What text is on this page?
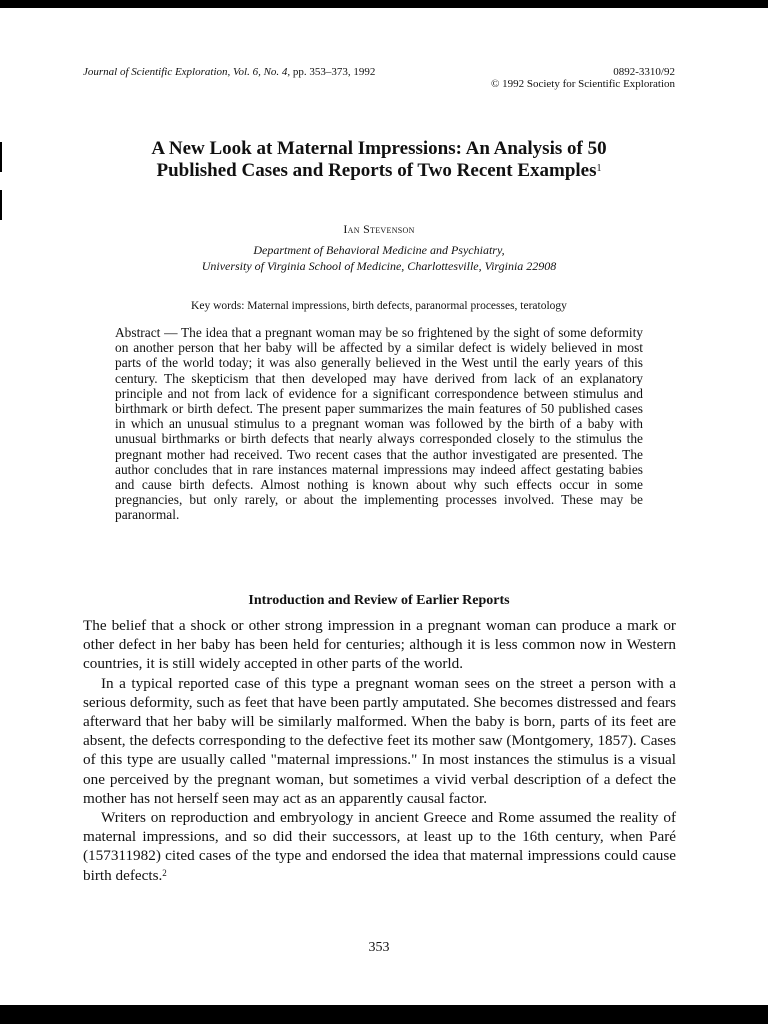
Journal of Scientific Exploration, Vol. 6, No. 4, pp. 353–373, 1992	0892-3310/92
© 1992 Society for Scientific Exploration
A New Look at Maternal Impressions: An Analysis of 50
Published Cases and Reports of Two Recent Examples$^1$
Ian Stevenson
Department of Behavioral Medicine and Psychiatry,
University of Virginia School of Medicine, Charlottesville, Virginia 22908
Key words: Maternal impressions, birth defects, paranormal processes, teratology

Abstract — The idea that a pregnant woman may be so frightened by the sight of some deformity on another person that her baby will be affected by a similar defect is widely believed in most parts of the world today; it was also generally believed in the West until the early years of this century. The skepticism that then developed may have derived from lack of an explanatory principle and not from lack of evidence for a significant correspondence between stimulus and birthmark or birth defect. The present paper summarizes the main features of 50 published cases in which an unusual stimulus to a pregnant woman was followed by the birth of a baby with unusual birthmarks or birth defects that nearly always corresponded closely to the stimulus the pregnant mother had received. Two recent cases that the author investigated are presented. The author concludes that in rare instances maternal impressions may indeed affect gestating babies and cause birth defects. Almost nothing is known about why such effects occur in some pregnancies, but only rarely, or about the implementing processes involved. These may be paranormal.

Introduction and Review of Earlier Reports

The belief that a shock or other strong impression in a pregnant woman can produce a mark or other defect in her baby has been held for centuries; although it is less common now in Western countries, it is still widely accepted in other parts of the world.

In a typical reported case of this type a pregnant woman sees on the street a person with a serious deformity, such as feet that have been partly amputated. She becomes distressed and fears afterward that her baby will be similarly malformed. When the baby is born, parts of its feet are absent, the defects corresponding to the defective feet its mother saw (Montgomery, 1857). Cases of this type are usually called "maternal impressions." In most instances the stimulus is a visual one perceived by the pregnant woman, but sometimes a vivid verbal description of a defect the mother has not herself seen may act as an apparently causal factor.

Writers on reproduction and embryology in ancient Greece and Rome assumed the reality of maternal impressions, and so did their successors, at least up to the 16th century, when Paré (157311982) cited cases of the type and endorsed the idea that maternal impressions could cause birth defects.$^2$

353
